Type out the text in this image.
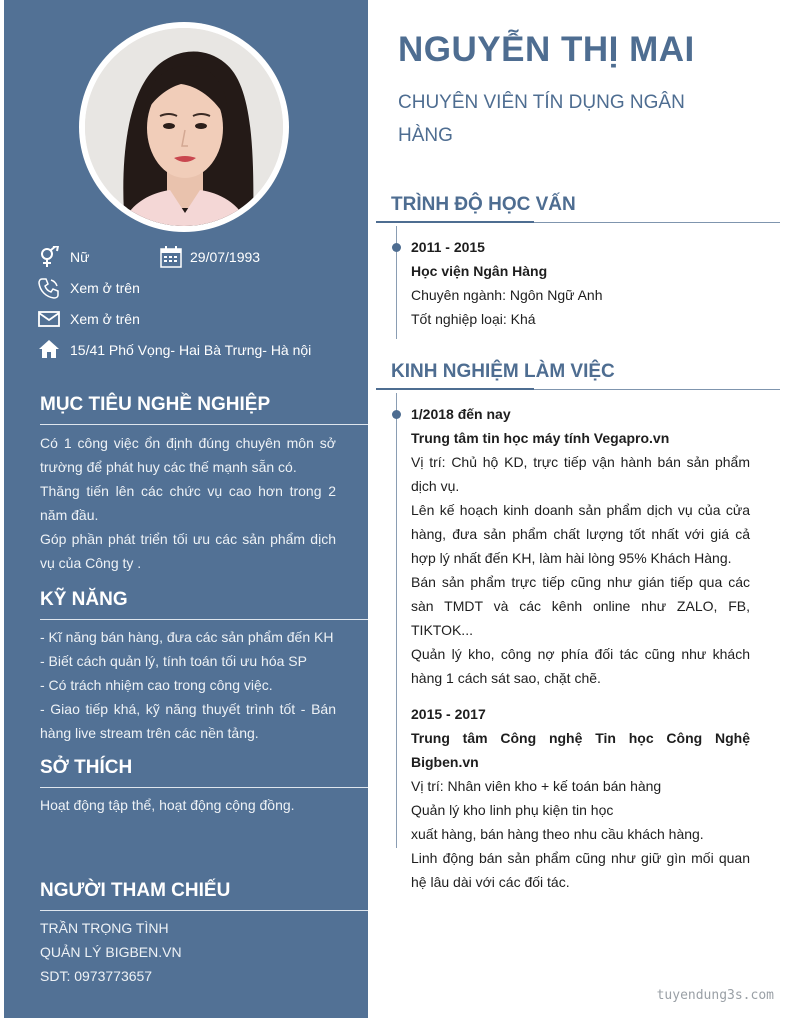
Nữ	29/07/1993
Xem ở trên
Xem ở trên
15/41 Phố Vọng- Hai Bà Trưng- Hà nội
MỤC TIÊU NGHỀ NGHIỆP

Có 1 công việc ổn định đúng chuyên môn sở trường để phát huy các thế mạnh sẵn có.

Thăng tiến lên các chức vụ cao hơn trong 2 năm đầu.

Góp phần phát triển tối ưu các sản phẩm dịch vụ của Công ty .

KỸ NĂNG

- Kĩ năng bán hàng, đưa các sản phẩm đến KH

- Biết cách quản lý, tính toán tối ưu hóa SP

- Có trách nhiệm cao trong công việc.

- Giao tiếp khá, kỹ năng thuyết trình tốt - Bán hàng live stream trên các nền tảng.

SỞ THÍCH

Hoạt động tập thể, hoạt động cộng đồng.

NGƯỜI THAM CHIẾU
TRẦN TRỌNG TÌNH
QUẢN LÝ BIGBEN.VN
SDT: 0973773657
NGUYỄN THỊ MAI
CHUYÊN VIÊN TÍN DỤNG NGÂN HÀNG
TRÌNH ĐỘ HỌC VẤN

2011 - 2015

Học viện Ngân Hàng

Chuyên ngành: Ngôn Ngữ Anh

Tốt nghiệp loại: Khá

KINH NGHIỆM LÀM VIỆC

1/2018 đến nay

Trung tâm tin học máy tính Vegapro.vn

Vị trí: Chủ hộ KD, trực tiếp vận hành bán sản phẩm dịch vụ.

Lên kế hoạch kinh doanh sản phẩm dịch vụ của cửa hàng, đưa sản phẩm chất lượng tốt nhất với giá cả hợp lý nhất đến KH, làm hài lòng 95% Khách Hàng.

Bán sản phẩm trực tiếp cũng như gián tiếp qua các sàn TMDT và các kênh online như ZALO, FB, TIKTOK...

Quản lý kho, công nợ phía đối tác cũng như khách hàng 1 cách sát sao, chặt chẽ.

2015 - 2017

Trung tâm Công nghệ Tin học Công Nghệ Bigben.vn

Vị trí: Nhân viên kho + kế toán bán hàng

Quản lý kho linh phụ kiện tin học

xuất hàng, bán hàng theo nhu cầu khách hàng.

Linh động bán sản phẩm cũng như giữ gìn mối quan hệ lâu dài với các đối tác.

tuyendung3s.com
